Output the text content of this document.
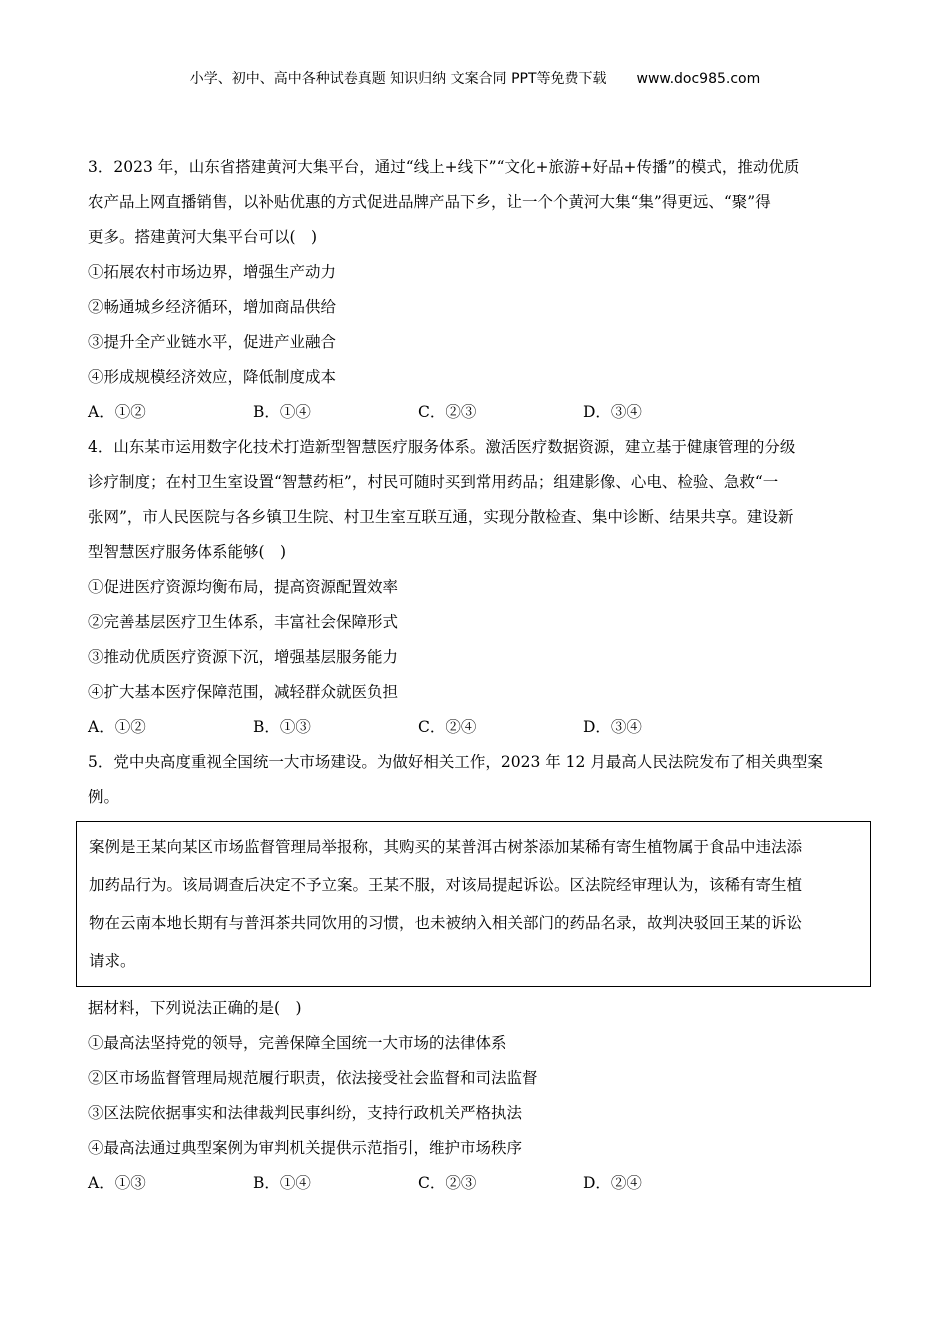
小学、初中、高中各种试卷真题 知识归纳 文案合同 PPT等免费下载 www.doc985.com
3．2023 年，山东省搭建黄河大集平台，通过“线上+线下”“文化+旅游+好品+传播”的模式，推动优质
农产品上网直播销售，以补贴优惠的方式促进品牌产品下乡，让一个个黄河大集“集”得更远、“聚”得
更多。搭建黄河大集平台可以(　)
①拓展农村市场边界，增强生产动力
②畅通城乡经济循环，增加商品供给
③提升全产业链水平，促进产业融合
④形成规模经济效应，降低制度成本
A．①②	B．①④	C．②③	D．③④
4．山东某市运用数字化技术打造新型智慧医疗服务体系。激活医疗数据资源，建立基于健康管理的分级
诊疗制度；在村卫生室设置“智慧药柜”，村民可随时买到常用药品；组建影像、心电、检验、急救“一
张网”，市人民医院与各乡镇卫生院、村卫生室互联互通，实现分散检查、集中诊断、结果共享。建设新
型智慧医疗服务体系能够(　)
①促进医疗资源均衡布局，提高资源配置效率
②完善基层医疗卫生体系，丰富社会保障形式
③推动优质医疗资源下沉，增强基层服务能力
④扩大基本医疗保障范围，减轻群众就医负担
A．①②	B．①③	C．②④	D．③④
5．党中央高度重视全国统一大市场建设。为做好相关工作，2023 年 12 月最高人民法院发布了相关典型案
例。
案例是王某向某区市场监督管理局举报称，其购买的某普洱古树茶添加某稀有寄生植物属于食品中违法添
加药品行为。该局调查后决定不予立案。王某不服，对该局提起诉讼。区法院经审理认为，该稀有寄生植
物在云南本地长期有与普洱茶共同饮用的习惯，也未被纳入相关部门的药品名录，故判决驳回王某的诉讼
请求。
据材料，下列说法正确的是(　)
①最高法坚持党的领导，完善保障全国统一大市场的法律体系
②区市场监督管理局规范履行职责，依法接受社会监督和司法监督
③区法院依据事实和法律裁判民事纠纷，支持行政机关严格执法
④最高法通过典型案例为审判机关提供示范指引，维护市场秩序
A．①③	B．①④	C．②③	D．②④
